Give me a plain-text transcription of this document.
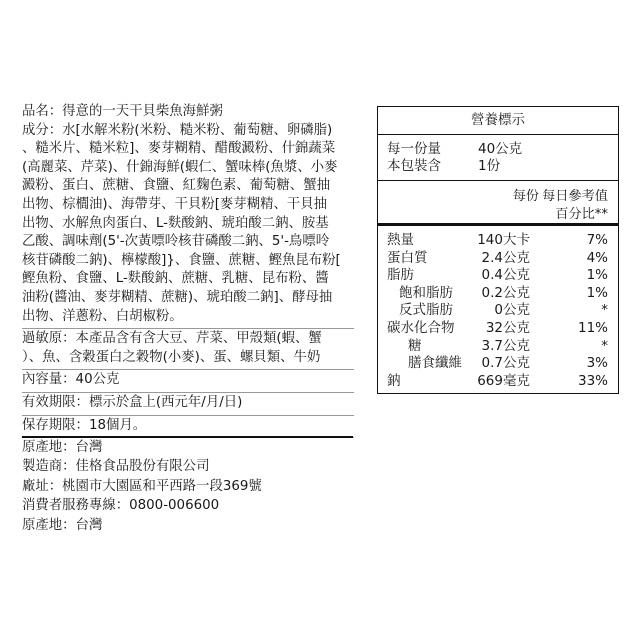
品名：得意的一天干貝柴魚海鮮粥
成分：水[水解米粉(米粉、糙米粉、葡萄糖、卵磷脂)
、糙米片、糙米粒]、麥芽糊精、醋酸澱粉、什錦蔬菜
(高麗菜、芹菜)、什錦海鮮(蝦仁、蟹味棒(魚漿、小麥
澱粉、蛋白、蔗糖、食鹽、紅麴色素、葡萄糖、蟹抽
出物、棕櫚油)、海帶芽、干貝粉[麥芽糊精、干貝抽
出物、水解魚肉蛋白、L-麩酸鈉、琥珀酸二鈉、胺基
乙酸、調味劑(5'-次黃嘌呤核苷磷酸二鈉、5'-鳥嘌呤
核苷磷酸二鈉)、檸檬酸]}、食鹽、蔗糖、鰹魚昆布粉[
鰹魚粉、食鹽、L-麩酸鈉、蔗糖、乳糖、昆布粉、醬
油粉(醬油、麥芽糊精、蔗糖)、琥珀酸二鈉]、酵母抽
出物、洋蔥粉、白胡椒粉。
過敏原：本產品含有含大豆、芹菜、甲殼類(蝦、蟹
）、魚、含穀蛋白之穀物(小麥)、蛋、螺貝類、牛奶
內容量：40公克
有效期限：標示於盒上(西元年/月/日)
保存期限：18個月。
原產地：台灣
製造商：佳格食品股份有限公司
廠址：桃園市大園區和平西路一段369號
消費者服務專線：0800-006600
原產地：台灣
營養標示
每一份量	40公克
本包裝含	1份
每份 每日參考值
百分比**
熱量	140大卡	7%
蛋白質	2.4公克	4%
脂肪	0.4公克	1%
飽和脂肪 0.2公克	1%
反式脂肪	0公克	*
碳水化合物 32公克	11%
糖	3.7公克	*
膳食纖維 0.7公克	3%
鈉	669毫克	33%
